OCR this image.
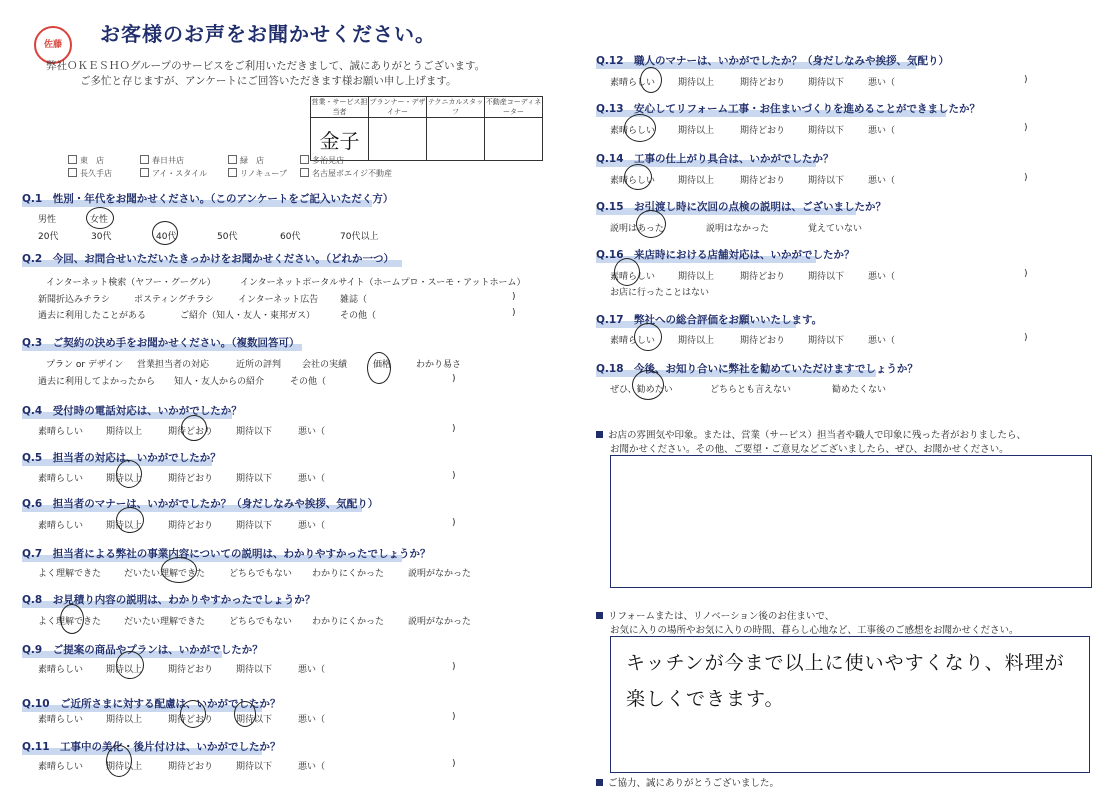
佐藤	お客様のお声をお聞かせください。
弊社ＯＫＥＳＨＯグループのサービスをご利用いただきまして、誠にありがとうございます。
ご多忙と存じますが、アンケートにご回答いただきます様お願い申し上げます。
営業・サービス担当者	プランナー・デザイナー	テクニカルスタッフ	不動産コーディネーター
金子			
東　店	春日井店	緑　店	多治見店
長久手店	アイ・スタイル	リノキューブ	名古屋ボエイジ不動産
Q.1　性別・年代をお聞かせください。（このアンケートをご記入いただく方）
男性	女性
20代	30代	40代	50代	60代	70代以上
Q.2　今回、お問合せいただいたきっかけをお聞かせください。（どれか一つ）
インターネット検索（ヤフー・グーグル）	インターネットポータルサイト（ホームプロ・スーモ・アットホーム）
新聞折込みチラシ	ポスティングチラシ	インターネット広告 雑誌（	)
過去に利用したことがある	ご紹介（知人・友人・東邦ガス）	その他（	)
Q.3　ご契約の決め手をお聞かせください。（複数回答可）
プラン or デザイン 営業担当者の対応	近所の評判 会社の実績	価格	わかり易さ
過去に利用してよかったから 知人・友人からの紹介	その他（	)
Q.4　受付時の電話対応は、いかがでしたか？
素晴らしい	期待以上	期待どおり	期待以下	悪い（	)
Q.5　担当者の対応は、いかがでしたか？
素晴らしい	期待以上	期待どおり	期待以下	悪い（	)
Q.6　担当者のマナーは、いかがでしたか？（身だしなみや挨拶、気配り）
素晴らしい	期待以上	期待どおり	期待以下	悪い（	)
Q.7　担当者による弊社の事業内容についての説明は、わかりやすかったでしょうか？
よく理解できた	だいたい理解できた	どちらでもない わかりにくかった	説明がなかった
Q.8　お見積り内容の説明は、わかりやすかったでしょうか？
よく理解できた	だいたい理解できた	どちらでもない わかりにくかった	説明がなかった
Q.9　ご提案の商品やプランは、いかがでしたか？
素晴らしい	期待以上	期待どおり	期待以下	悪い（	)
Q.10　ご近所さまに対する配慮は、いかがでしたか？
素晴らしい	期待以上	期待どおり	期待以下	悪い（	)
Q.11　工事中の美化・後片付けは、いかがでしたか？
素晴らしい	期待以上	期待どおり	期待以下	悪い（	)
Q.12　職人のマナーは、いかがでしたか？（身だしなみや挨拶、気配り）
素晴らしい	期待以上	期待どおり	期待以下	悪い（	)
Q.13　安心してリフォーム工事・お住まいづくりを進めることができましたか？
素晴らしい	期待以上	期待どおり	期待以下	悪い（	)
Q.14　工事の仕上がり具合は、いかがでしたか？
素晴らしい	期待以上	期待どおり	期待以下	悪い（	)
Q.15　お引渡し時に次回の点検の説明は、ございましたか？
説明はあった	説明はなかった	覚えていない
Q.16　来店時における店舗対応は、いかがでしたか？
素晴らしい	期待以上	期待どおり	期待以下	悪い（	)
お店に行ったことはない
Q.17　弊社への総合評価をお願いいたします。
素晴らしい	期待以上	期待どおり	期待以下	悪い（	)
Q.18　今後、お知り合いに弊社を勧めていただけますでしょうか？
ぜひ、勧めたい	どちらとも言えない	勧めたくない
お店の雰囲気や印象。または、営業（サービス）担当者や職人で印象に残った者がおりましたら、
お聞かせください。その他、ご要望・ご意見などございましたら、ぜひ、お聞かせください。
リフォームまたは、リノベーション後のお住まいで、
お気に入りの場所やお気に入りの時間、暮らし心地など、工事後のご感想をお聞かせください。
キッチンが今まで以上に使いやすくなり、料理が
楽しくできます。
ご協力、誠にありがとうございました。
